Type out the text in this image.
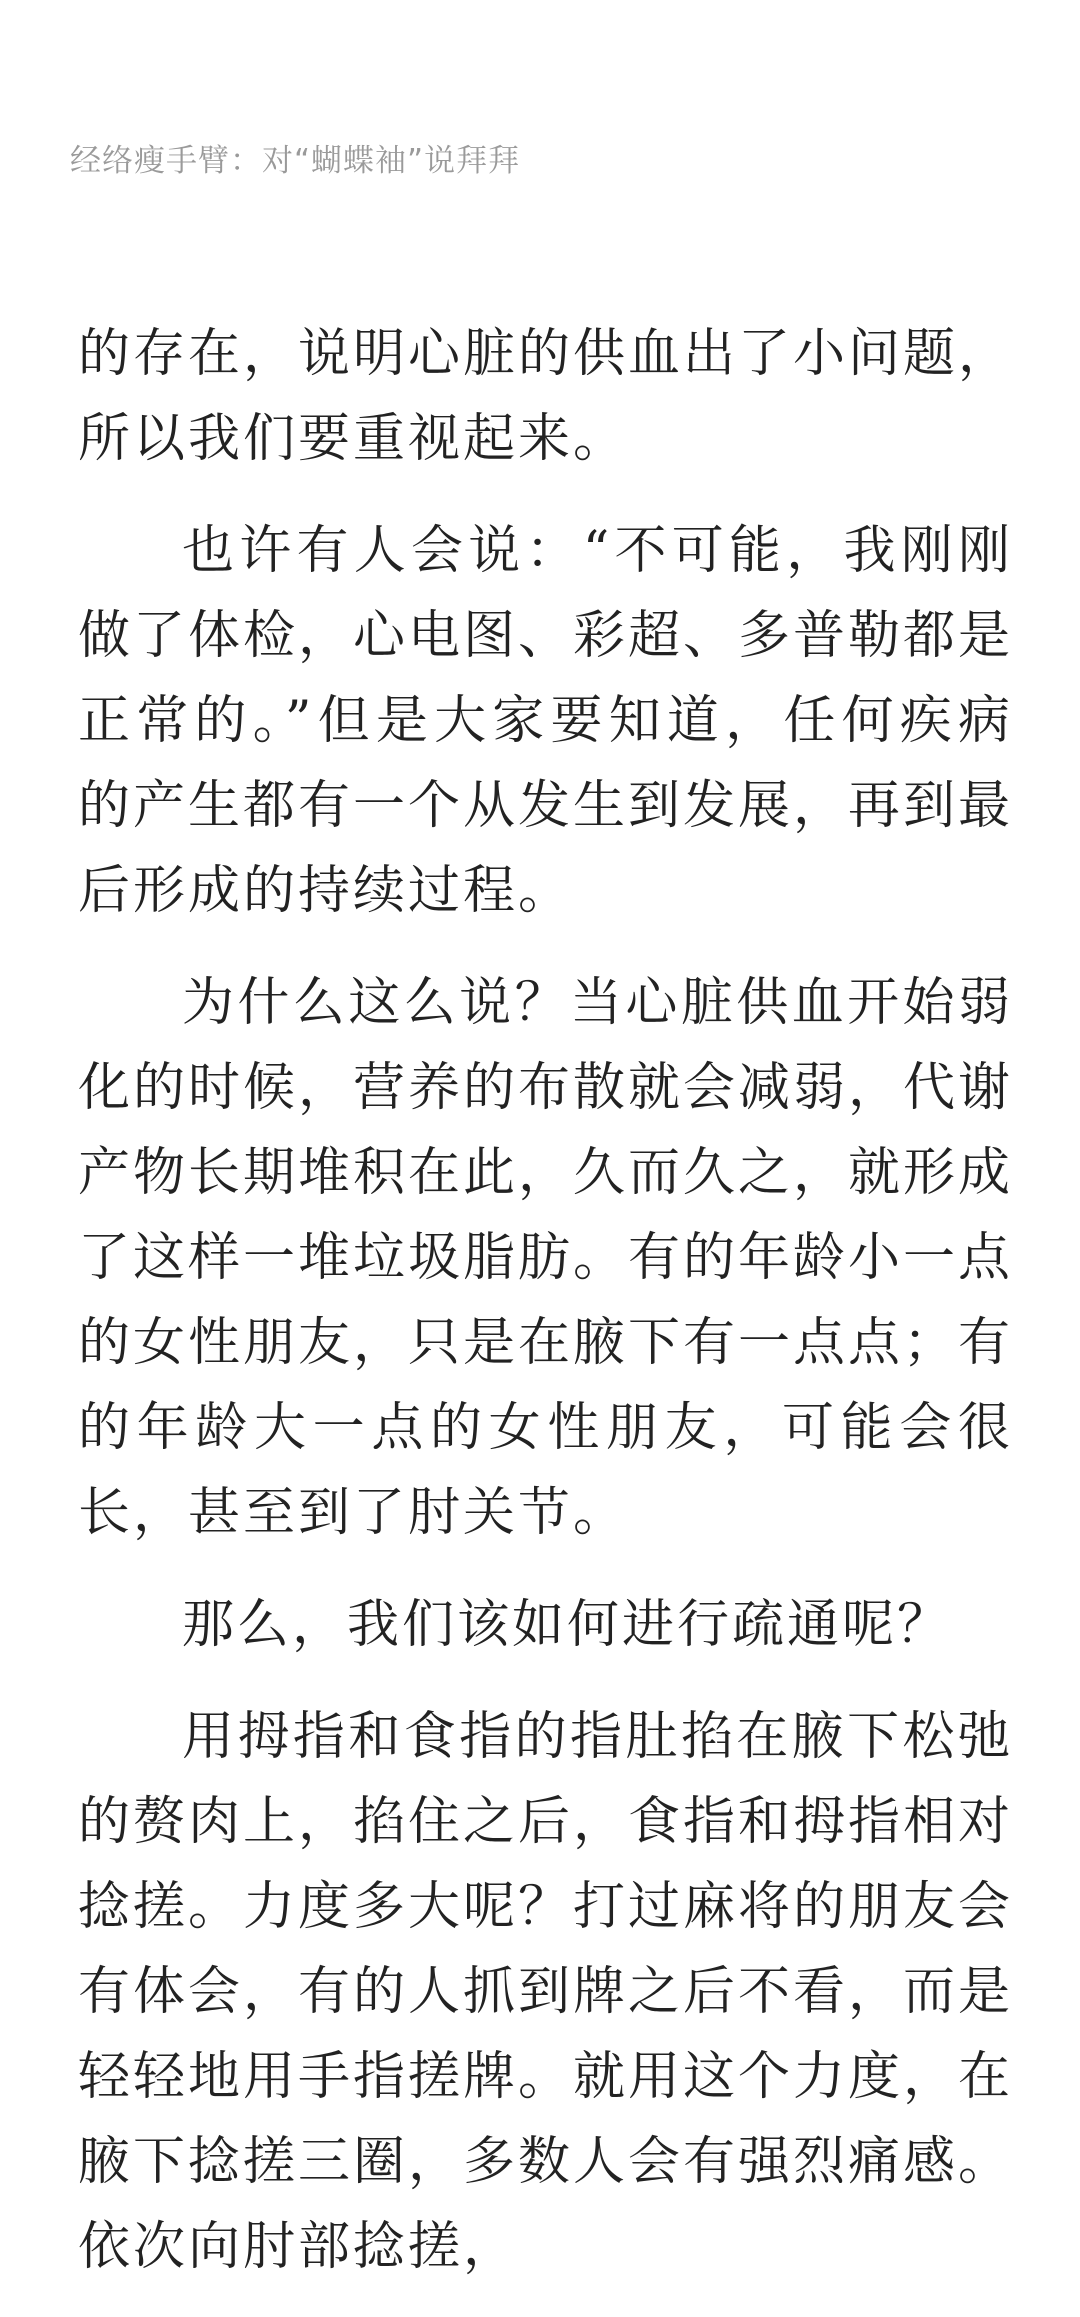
经络瘦手臂：对“蝴蝶袖”说拜拜

的存在，说明心脏的供血出了小问题，所以我们要重视起来。

也许有人会说：“不可能，我刚刚做了体检，心电图、彩超、多普勒都是正常的。”但是大家要知道，任何疾病的产生都有一个从发生到发展，再到最后形成的持续过程。

为什么这么说？当心脏供血开始弱化的时候，营养的布散就会减弱，代谢产物长期堆积在此，久而久之，就形成了这样一堆垃圾脂肪。有的年龄小一点的女性朋友，只是在腋下有一点点；有的年龄大一点的女性朋友，可能会很长，甚至到了肘关节。

那么，我们该如何进行疏通呢？

用拇指和食指的指肚掐在腋下松弛的赘肉上，掐住之后，食指和拇指相对捻搓。力度多大呢？打过麻将的朋友会有体会，有的人抓到牌之后不看，而是轻轻地用手指搓牌。就用这个力度，在腋下捻搓三圈，多数人会有强烈痛感。依次向肘部捻搓，
